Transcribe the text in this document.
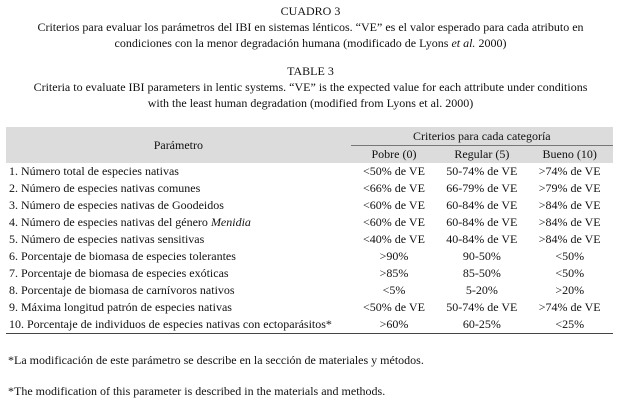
CUADRO 3
Criterios para evaluar los parámetros del IBI en sistemas lénticos. “VE” es el valor esperado para cada atributo en
condiciones con la menor degradación humana (modificado de Lyons et al. 2000)
TABLE 3
Criteria to evaluate IBI parameters in lentic systems. “VE” is the expected value for each attribute under conditions
with the least human degradation (modified from Lyons et al. 2000)
Parámetro	Criterios para cada categoría		
	Pobre (0)	Regular (5)	Bueno (10)
1. Número total de especies nativas	<50% de VE	50-74% de VE	>74% de VE
2. Número de especies nativas comunes	<66% de VE	66-79% de VE	>79% de VE
3. Número de especies nativas de Goodeidos	<60% de VE	60-84% de VE	>84% de VE
4. Número de especies nativas del género Menidia	<60% de VE	60-84% de VE	>84% de VE
5. Número de especies nativas sensitivas	<40% de VE	40-84% de VE	>84% de VE
6. Porcentaje de biomasa de especies tolerantes	>90%	90-50%	<50%
7. Porcentaje de biomasa de especies exóticas	>85%	85-50%	<50%
8. Porcentaje de biomasa de carnívoros nativos	<5%	5-20%	>20%
9. Máxima longitud patrón de especies nativas	<50% de VE	50-74% de VE	>74% de VE
10. Porcentaje de individuos de especies nativas con ectoparásitos*	>60%	60-25%	<25%
*La modificación de este parámetro se describe en la sección de materiales y métodos.
*The modification of this parameter is described in the materials and methods.
